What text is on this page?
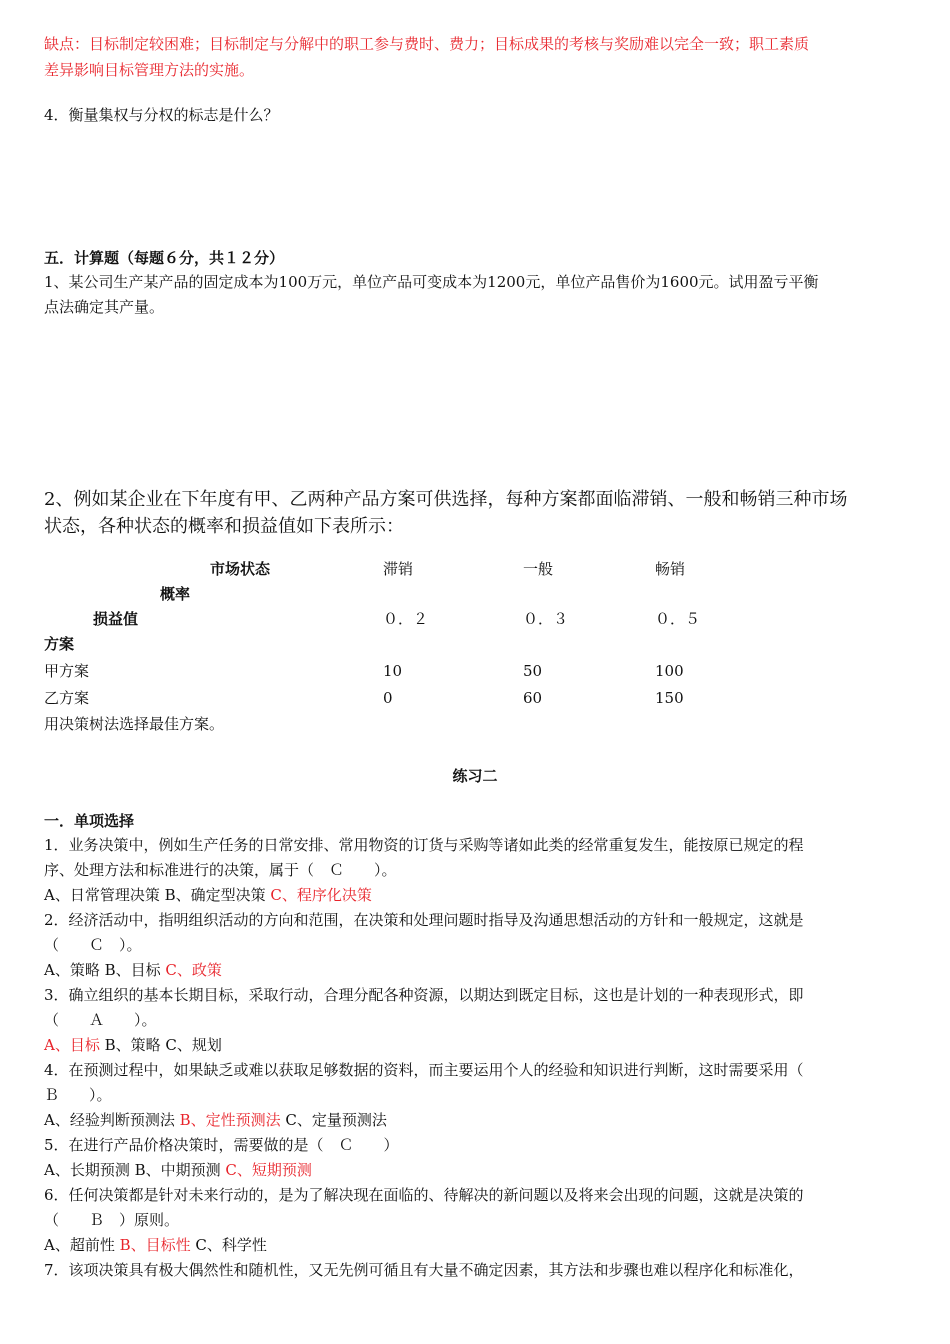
缺点：目标制定较困难；目标制定与分解中的职工参与费时、费力；目标成果的考核与奖励难以完全一致；职工素质
差异影响目标管理方法的实施。
4．衡量集权与分权的标志是什么？
五．计算题（每题６分，共１２分）
1、某公司生产某产品的固定成本为100万元，单位产品可变成本为1200元，单位产品售价为1600元。试用盈亏平衡
点法确定其产量。
2、例如某企业在下年度有甲、乙两种产品方案可供选择，每种方案都面临滞销、一般和畅销三种市场
状态，各种状态的概率和损益值如下表所示：
市场状态	滞销	一般	畅销
概率
损益值	０．２	０．３	０．５
方案
甲方案	10	50	100
乙方案	0	60	150
用决策树法选择最佳方案。
练习二
一．单项选择
1．业务决策中，例如生产任务的日常安排、常用物资的订货与采购等诸如此类的经常重复发生，能按原已规定的程
序、处理方法和标准进行的决策，属于（　Ｃ　　）。
A、日常管理决策 B、确定型决策 C、程序化决策
2．经济活动中，指明组织活动的方向和范围，在决策和处理问题时指导及沟通思想活动的方针和一般规定，这就是
（　　Ｃ　）。
A、策略 B、目标 C、政策
3．确立组织的基本长期目标，采取行动，合理分配各种资源，以期达到既定目标，这也是计划的一种表现形式，即
（　　Ａ　　）。
A、目标 B、策略 C、规划
4．在预测过程中，如果缺乏或难以获取足够数据的资料，而主要运用个人的经验和知识进行判断，这时需要采用（
Ｂ　　）。
A、经验判断预测法 B、定性预测法 C、定量预测法
5．在进行产品价格决策时，需要做的是（　Ｃ　　）
A、长期预测 B、中期预测 C、短期预测
6．任何决策都是针对未来行动的，是为了解决现在面临的、待解决的新问题以及将来会出现的问题，这就是决策的
（　　Ｂ　）原则。
A、超前性 B、目标性 C、科学性
7．该项决策具有极大偶然性和随机性，又无先例可循且有大量不确定因素，其方法和步骤也难以程序化和标准化，
